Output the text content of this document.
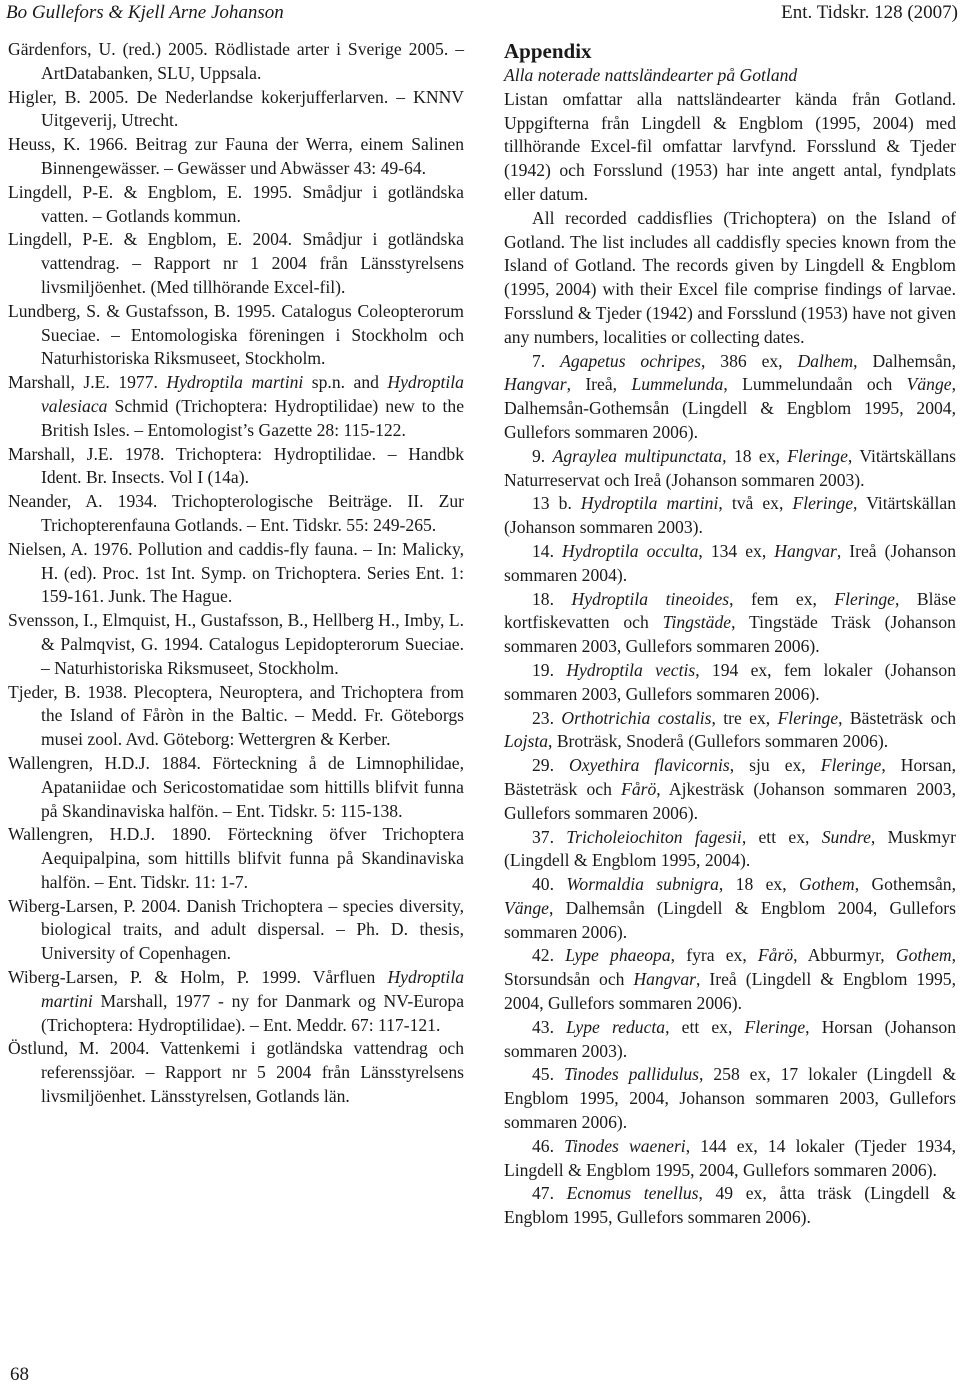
Bo Gullefors & Kjell Arne Johanson	Ent. Tidskr. 128 (2007)

Gärdenfors, U. (red.) 2005. Rödlistade arter i Sverige 2005. – ArtDatabanken, SLU, Uppsala.

Higler, B. 2005. De Nederlandse kokerjufferlarven. – KNNV Uitgeverij, Utrecht.

Heuss, K. 1966. Beitrag zur Fauna der Werra, einem Salinen Binnengewässer. – Gewässer und Abwässer 43: 49-64.

Lingdell, P-E. & Engblom, E. 1995. Smådjur i gotländska vatten. – Gotlands kommun.

Lingdell, P-E. & Engblom, E. 2004. Smådjur i gotländska vattendrag. – Rapport nr 1 2004 från Länsstyrelsens livsmiljöenhet. (Med tillhörande Excel-fil).

Lundberg, S. & Gustafsson, B. 1995. Catalogus Coleopterorum Sueciae. – Entomologiska föreningen i Stockholm och Naturhistoriska Riksmuseet, Stockholm.

Marshall, J.E. 1977. Hydroptila martini sp.n. and Hydroptila valesiaca Schmid (Trichoptera: Hydroptilidae) new to the British Isles. – Entomologist’s Gazette 28: 115-122.

Marshall, J.E. 1978. Trichoptera: Hydroptilidae. – Handbk Ident. Br. Insects. Vol I (14a).

Neander, A. 1934. Trichopterologische Beiträge. II. Zur Trichopterenfauna Gotlands. – Ent. Tidskr. 55: 249-265.

Nielsen, A. 1976. Pollution and caddis-fly fauna. – In: Malicky, H. (ed). Proc. 1st Int. Symp. on Trichoptera. Series Ent. 1: 159-161. Junk. The Hague.

Svensson, I., Elmquist, H., Gustafsson, B., Hellberg H., Imby, L. & Palmqvist, G. 1994. Catalogus Lepidopterorum Sueciae. – Naturhistoriska Riksmuseet, Stockholm.

Tjeder, B. 1938. Plecoptera, Neuroptera, and Trichoptera from the Island of Fåròn in the Baltic. – Medd. Fr. Göteborgs musei zool. Avd. Göteborg: Wettergren & Kerber.

Wallengren, H.D.J. 1884. Förteckning å de Limnophilidae, Apataniidae och Sericostomatidae som hittills blifvit funna på Skandinaviska halfön. – Ent. Tidskr. 5: 115-138.

Wallengren, H.D.J. 1890. Förteckning öfver Trichoptera Aequipalpina, som hittills blifvit funna på Skandinaviska halfön. – Ent. Tidskr. 11: 1-7.

Wiberg-Larsen, P. 2004. Danish Trichoptera – species diversity, biological traits, and adult dispersal. – Ph. D. thesis, University of Copenhagen.

Wiberg-Larsen, P. & Holm, P. 1999. Vårfluen Hydroptila martini Marshall, 1977 - ny for Danmark og NV-Europa (Trichoptera: Hydroptilidae). – Ent. Meddr. 67: 117-121.

Östlund, M. 2004. Vattenkemi i gotländska vattendrag och referenssjöar. – Rapport nr 5 2004 från Länsstyrelsens livsmiljöenhet. Länsstyrelsen, Gotlands län.

Appendix

Alla noterade nattsländearter på Gotland

Listan omfattar alla nattsländearter kända från Gotland. Uppgifterna från Lingdell & Engblom (1995, 2004) med tillhörande Excel-fil omfattar larvfynd. Forsslund & Tjeder (1942) och Forsslund (1953) har inte angett antal, fyndplats eller datum.

All recorded caddisflies (Trichoptera) on the Island of Gotland. The list includes all caddisfly species known from the Island of Gotland. The records given by Lingdell & Engblom (1995, 2004) with their Excel file comprise findings of larvae. Forsslund & Tjeder (1942) and Forsslund (1953) have not given any numbers, localities or collecting dates.

7. Agapetus ochripes, 386 ex, Dalhem, Dalhemsån, Hangvar, Ireå, Lummelunda, Lummelundaån och Vänge, Dalhemsån-Gothemsån (Lingdell & Engblom 1995, 2004, Gullefors sommaren 2006).

9. Agraylea multipunctata, 18 ex, Fleringe, Vitärtskällans Naturreservat och Ireå (Johanson sommaren 2003).

13 b. Hydroptila martini, två ex, Fleringe, Vitärtskällan (Johanson sommaren 2003).

14. Hydroptila occulta, 134 ex, Hangvar, Ireå (Johanson sommaren 2004).

18. Hydroptila tineoides, fem ex, Fleringe, Bläse kortfiskevatten och Tingstäde, Tingstäde Träsk (Johanson sommaren 2003, Gullefors sommaren 2006).

19. Hydroptila vectis, 194 ex, fem lokaler (Johanson sommaren 2003, Gullefors sommaren 2006).

23. Orthotrichia costalis, tre ex, Fleringe, Bästeträsk och Lojsta, Broträsk, Snoderå (Gullefors sommaren 2006).

29. Oxyethira flavicornis, sju ex, Fleringe, Horsan, Bästeträsk och Fårö, Ajkesträsk (Johanson sommaren 2003, Gullefors sommaren 2006).

37. Tricholeiochiton fagesii, ett ex, Sundre, Muskmyr (Lingdell & Engblom 1995, 2004).

40. Wormaldia subnigra, 18 ex, Gothem, Gothemsån, Vänge, Dalhemsån (Lingdell & Engblom 2004, Gullefors sommaren 2006).

42. Lype phaeopa, fyra ex, Fårö, Abburmyr, Gothem, Storsundsån och Hangvar, Ireå (Lingdell & Engblom 1995, 2004, Gullefors sommaren 2006).

43. Lype reducta, ett ex, Fleringe, Horsan (Johanson sommaren 2003).

45. Tinodes pallidulus, 258 ex, 17 lokaler (Lingdell & Engblom 1995, 2004, Johanson sommaren 2003, Gullefors sommaren 2006).

46. Tinodes waeneri, 144 ex, 14 lokaler (Tjeder 1934, Lingdell & Engblom 1995, 2004, Gullefors sommaren 2006).

47. Ecnomus tenellus, 49 ex, åtta träsk (Lingdell & Engblom 1995, Gullefors sommaren 2006).

68
